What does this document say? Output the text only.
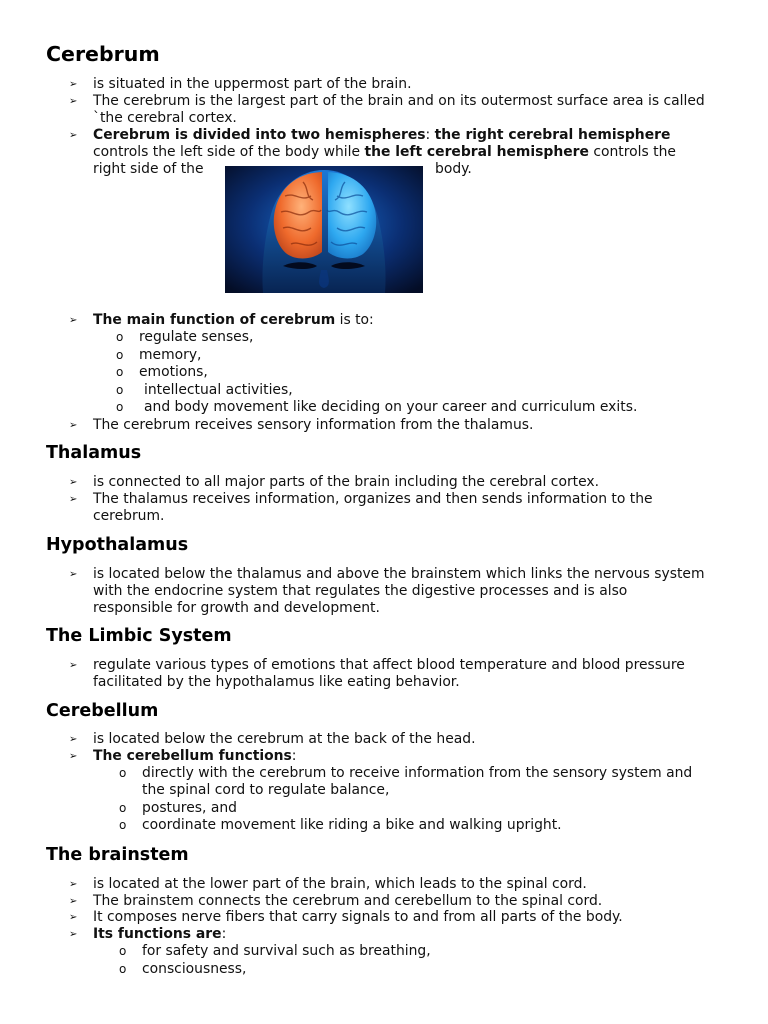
Cerebrum
➢ is situated in the uppermost part of the brain.
➢ The cerebrum is the largest part of the brain and on its outermost surface area is called
`the cerebral cortex.
➢ Cerebrum is divided into two hemispheres: the right cerebral hemisphere
controls the left side of the body while the left cerebral hemisphere controls the
right side of the	body.
➢ The main function of cerebrum is to:
o regulate senses,
o memory,
o emotions,
o intellectual activities,
o and body movement like deciding on your career and curriculum exits.
➢ The cerebrum receives sensory information from the thalamus.
Thalamus
➢ is connected to all major parts of the brain including the cerebral cortex.
➢ The thalamus receives information, organizes and then sends information to the
cerebrum.
Hypothalamus
➢ is located below the thalamus and above the brainstem which links the nervous system
with the endocrine system that regulates the digestive processes and is also
responsible for growth and development.
The Limbic System
➢ regulate various types of emotions that affect blood temperature and blood pressure
facilitated by the hypothalamus like eating behavior.
Cerebellum
➢ is located below the cerebrum at the back of the head.
➢ The cerebellum functions:
o directly with the cerebrum to receive information from the sensory system and
the spinal cord to regulate balance,
o postures, and
o coordinate movement like riding a bike and walking upright.
The brainstem
➢ is located at the lower part of the brain, which leads to the spinal cord.
➢ The brainstem connects the cerebrum and cerebellum to the spinal cord.
➢ It composes nerve fibers that carry signals to and from all parts of the body.
➢ Its functions are:
o for safety and survival such as breathing,
o consciousness,
